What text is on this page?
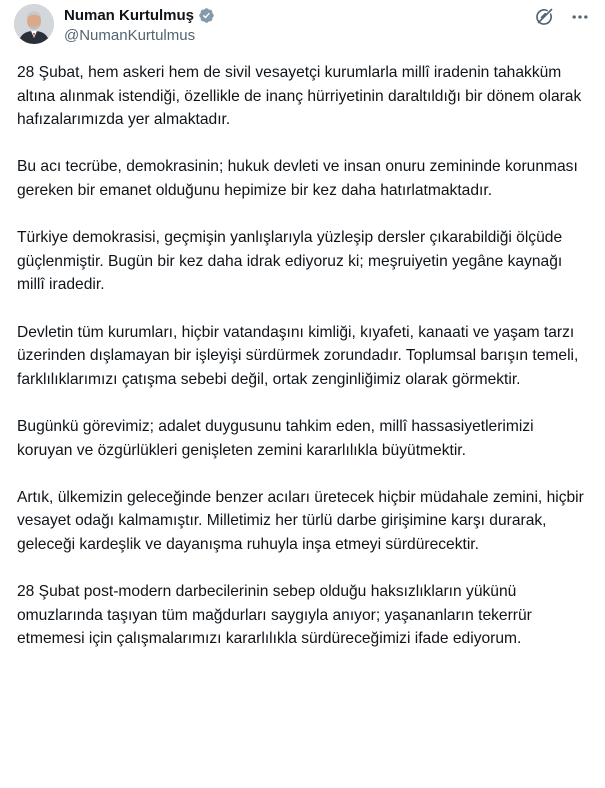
Numan Kurtulmuş
@NumanKurtulmus

28 Şubat, hem askeri hem de sivil vesayetçi kurumlarla millî iradenin tahakküm altına alınmak istendiği, özellikle de inanç hürriyetinin daraltıldığı bir dönem olarak hafızalarımızda yer almaktadır.

Bu acı tecrübe, demokrasinin; hukuk devleti ve insan onuru zemininde korunması gereken bir emanet olduğunu hepimize bir kez daha hatırlatmaktadır.

Türkiye demokrasisi, geçmişin yanlışlarıyla yüzleşip dersler çıkarabildiği ölçüde güçlenmiştir. Bugün bir kez daha idrak ediyoruz ki; meşruiyetin yegâne kaynağı millî iradedir.

Devletin tüm kurumları, hiçbir vatandaşını kimliği, kıyafeti, kanaati ve yaşam tarzı üzerinden dışlamayan bir işleyişi sürdürmek zorundadır. Toplumsal barışın temeli, farklılıklarımızı çatışma sebebi değil, ortak zenginliğimiz olarak görmektir.

Bugünkü görevimiz; adalet duygusunu tahkim eden, millî hassasiyetlerimizi koruyan ve özgürlükleri genişleten zemini kararlılıkla büyütmektir.

Artık, ülkemizin geleceğinde benzer acıları üretecek hiçbir müdahale zemini, hiçbir vesayet odağı kalmamıştır. Milletimiz her türlü darbe girişimine karşı durarak, geleceği kardeşlik ve dayanışma ruhuyla inşa etmeyi sürdürecektir.

28 Şubat post-modern darbecilerinin sebep olduğu haksızlıkların yükünü omuzlarında taşıyan tüm mağdurları saygıyla anıyor; yaşananların tekerrür etmemesi için çalışmalarımızı kararlılıkla sürdüreceğimizi ifade ediyorum.
